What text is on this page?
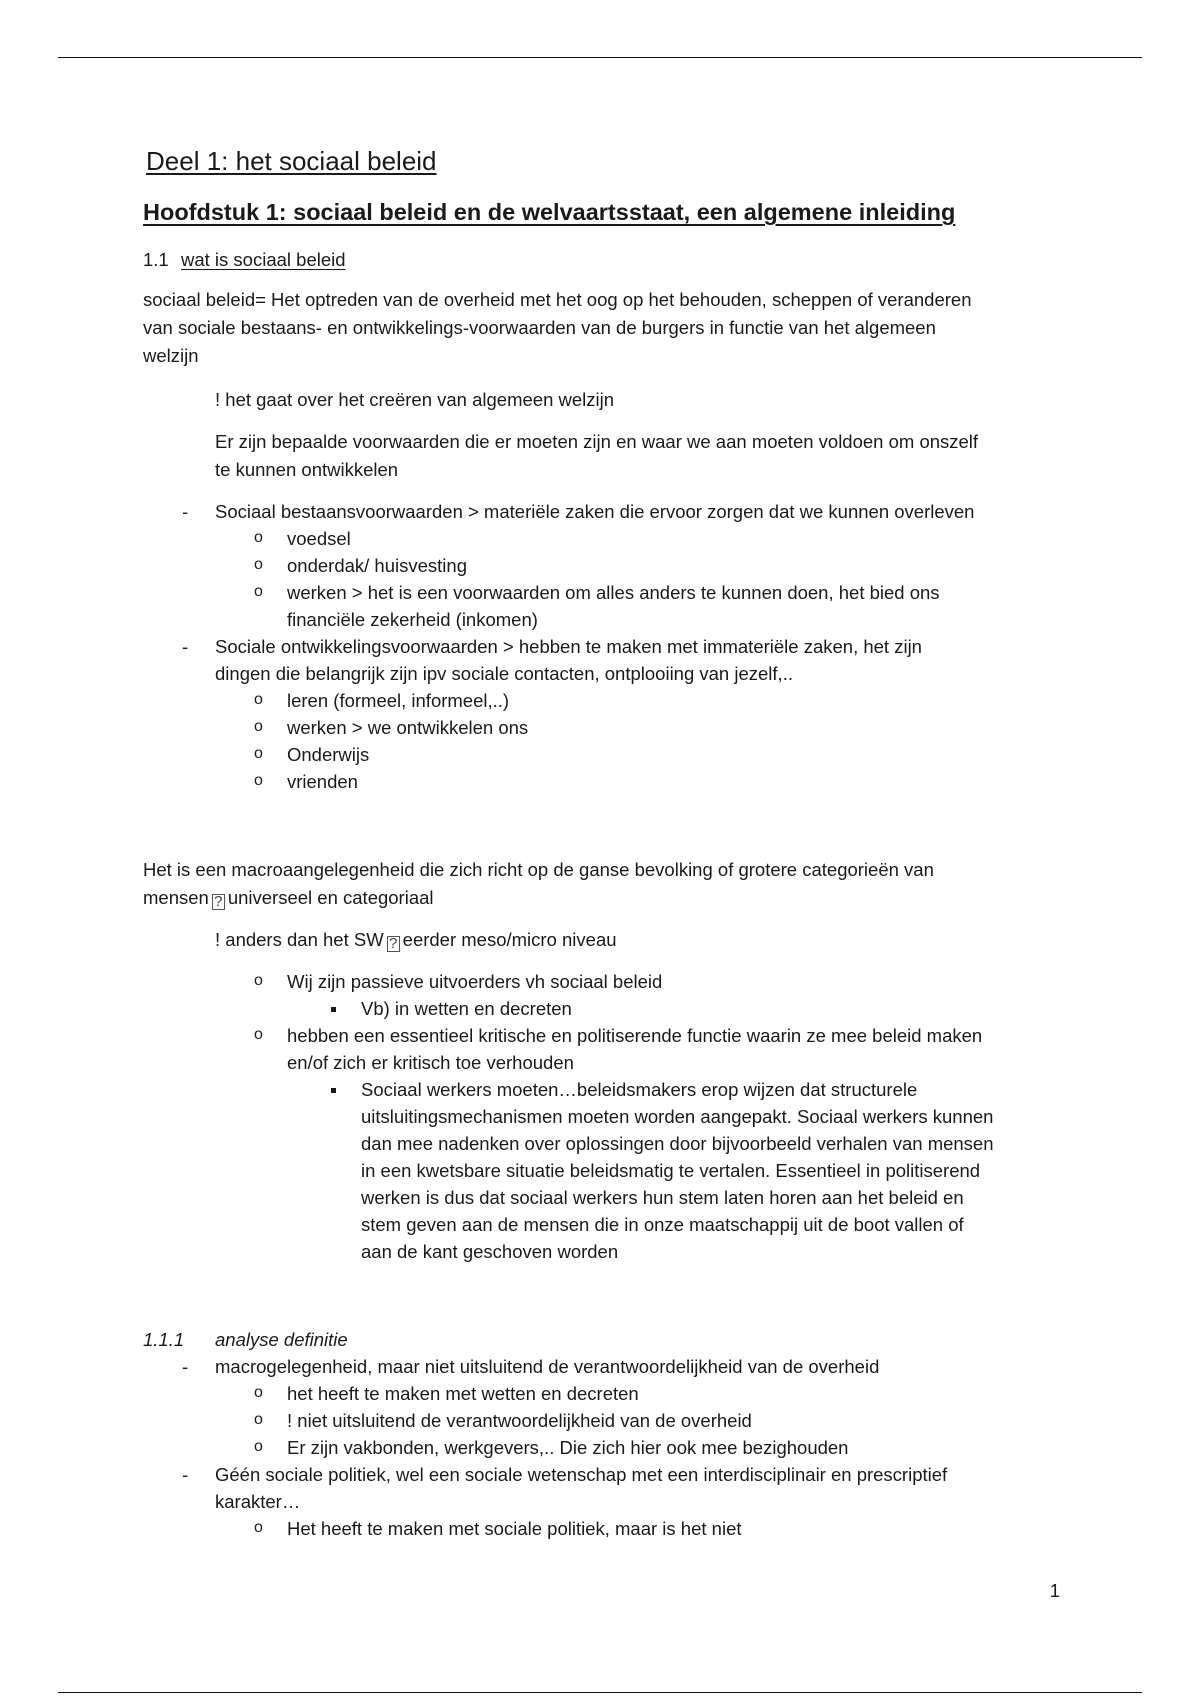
Deel 1: het sociaal beleid
Hoofdstuk 1: sociaal beleid en de welvaartsstaat, een algemene inleiding
1.1 wat is sociaal beleid
sociaal beleid= Het optreden van de overheid met het oog op het behouden, scheppen of veranderen
van sociale bestaans- en ontwikkelings-voorwaarden van de burgers in functie van het algemeen
welzijn
! het gaat over het creëren van algemeen welzijn
Er zijn bepaalde voorwaarden die er moeten zijn en waar we aan moeten voldoen om onszelf
te kunnen ontwikkelen
- Sociaal bestaansvoorwaarden > materiële zaken die ervoor zorgen dat we kunnen overleven
o voedsel
o onderdak/ huisvesting
o werken > het is een voorwaarden om alles anders te kunnen doen, het bied ons
financiële zekerheid (inkomen)
- Sociale ontwikkelingsvoorwaarden > hebben te maken met immateriële zaken, het zijn
dingen die belangrijk zijn ipv sociale contacten, ontplooiing van jezelf,..
o leren (formeel, informeel,..)
o werken > we ontwikkelen ons
o Onderwijs
o vrienden
Het is een macroaangelegenheid die zich richt op de ganse bevolking of grotere categorieën van
mensen ? universeel en categoriaal
! anders dan het SW ? eerder meso/micro niveau
o Wij zijn passieve uitvoerders vh sociaal beleid
Vb) in wetten en decreten
o hebben een essentieel kritische en politiserende functie waarin ze mee beleid maken
en/of zich er kritisch toe verhouden
Sociaal werkers moeten…beleidsmakers erop wijzen dat structurele
uitsluitingsmechanismen moeten worden aangepakt. Sociaal werkers kunnen
dan mee nadenken over oplossingen door bijvoorbeeld verhalen van mensen
in een kwetsbare situatie beleidsmatig te vertalen. Essentieel in politiserend
werken is dus dat sociaal werkers hun stem laten horen aan het beleid en
stem geven aan de mensen die in onze maatschappij uit de boot vallen of
aan de kant geschoven worden
1.1.1 analyse definitie
- macrogelegenheid, maar niet uitsluitend de verantwoordelijkheid van de overheid
o het heeft te maken met wetten en decreten
o ! niet uitsluitend de verantwoordelijkheid van de overheid
o Er zijn vakbonden, werkgevers,.. Die zich hier ook mee bezighouden
- Géén sociale politiek, wel een sociale wetenschap met een interdisciplinair en prescriptief
karakter…
o Het heeft te maken met sociale politiek, maar is het niet
1
